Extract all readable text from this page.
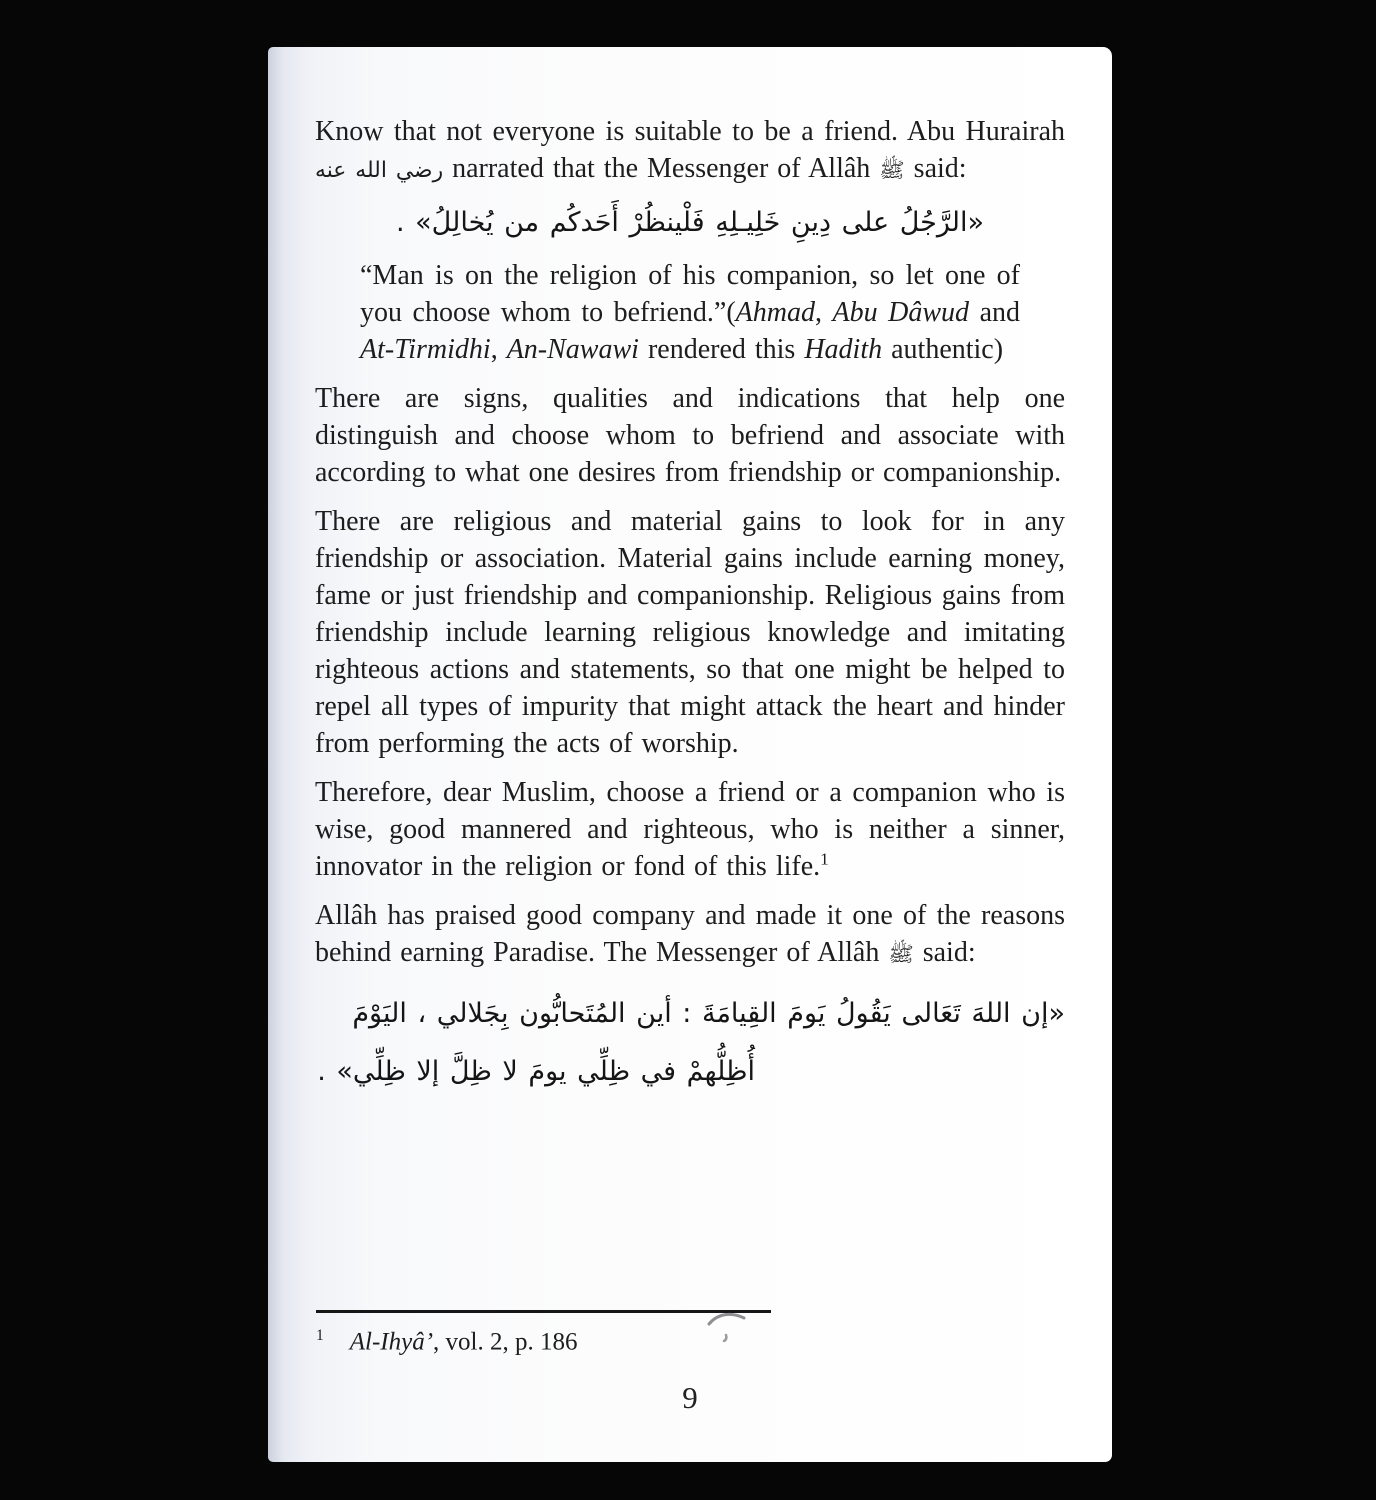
Know that not everyone is suitable to be a friend. Abu Hurairah رضي الله عنه narrated that the Messenger of Allâh ﷺ said:

«الرَّجُلُ على دِينِ خَلِيـلِهِ فَلْينظُرْ أَحَدكُم من يُخالِلُ» .

“Man is on the religion of his companion, so let one of you choose whom to befriend.”(Ahmad, Abu Dâwud and At-Tirmidhi, An-Nawawi rendered this Hadith authentic)

There are signs, qualities and indications that help one distinguish and choose whom to befriend and associate with according to what one desires from friendship or companionship.

There are religious and material gains to look for in any friendship or association. Material gains include earning money, fame or just friendship and companionship. Religious gains from friendship include learning religious knowledge and imitating righteous actions and statements, so that one might be helped to repel all types of impurity that might attack the heart and hinder from performing the acts of worship.

Therefore, dear Muslim, choose a friend or a companion who is wise, good mannered and righteous, who is neither a sinner, innovator in the religion or fond of this life.$^1$

Allâh has praised good company and made it one of the reasons behind earning Paradise. The Messenger of Allâh ﷺ said:

«إن اللهَ تَعَالى يَقُولُ يَومَ القِيامَةَ : أين المُتَحابُّون بِجَلالي ، اليَوْمَ
أُظِلُّهمْ في ظِلِّي يومَ لا ظِلَّ إلا ظِلِّي» .
$^1$ Al-Ihyâ’, vol. 2, p. 186
9
